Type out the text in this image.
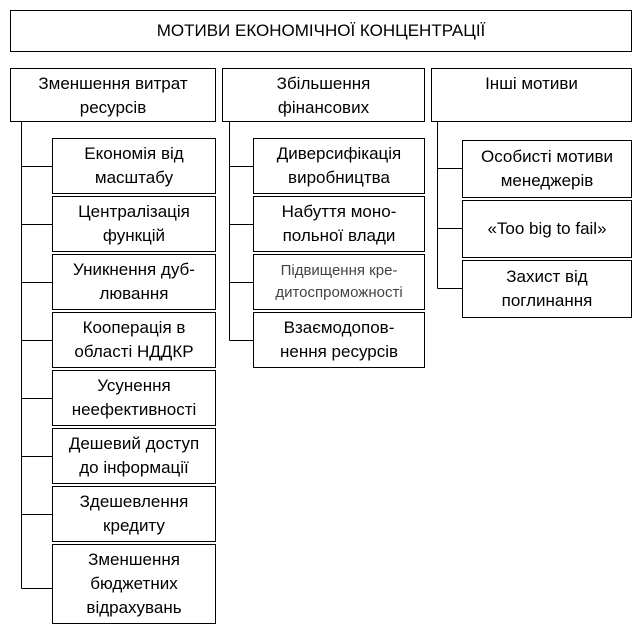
МОТИВИ ЕКОНОМІЧНОЇ КОНЦЕНТРАЦІЇ
Зменшення витрат
ресурсів
Збільшення
фінансових
Інші мотиви
Економія від
масштабу
Централізація
функцій
Уникнення дуб-
лювання
Кооперація в
області НДДКР
Усунення
неефективності
Дешевий доступ
до інформації
Здешевлення
кредиту
Зменшення
бюджетних
відрахувань
Диверсифікація
виробництва
Набуття моно-
польної влади
Підвищення кре-
дитоспроможності
Взаємодопов-
нення ресурсів
Особисті мотиви
менеджерів
«Too big to fail»
Захист від
поглинання
